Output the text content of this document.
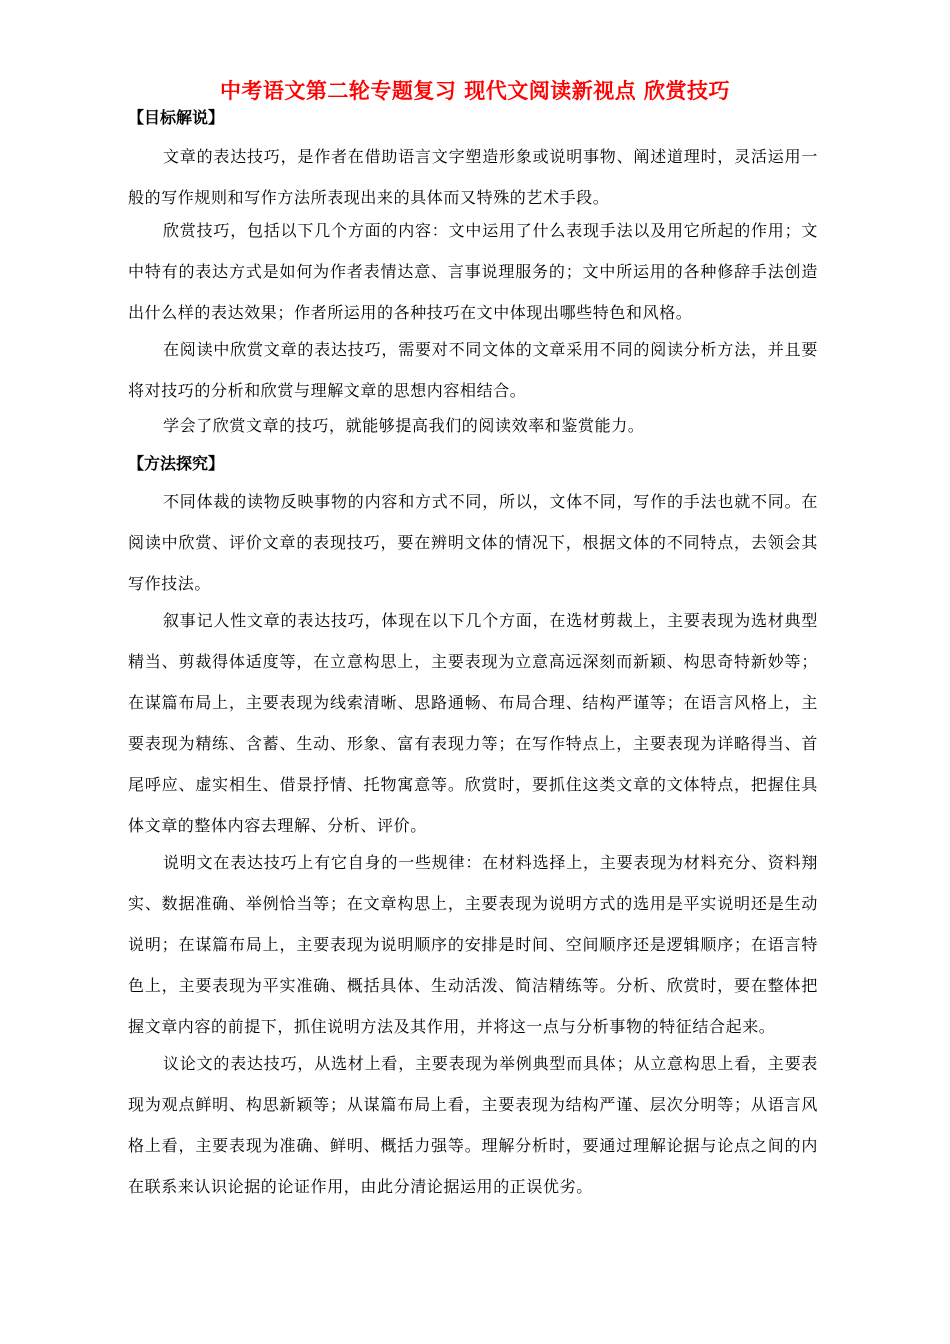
中考语文第二轮专题复习 现代文阅读新视点 欣赏技巧
【目标解说】

文章的表达技巧，是作者在借助语言文字塑造形象或说明事物、阐述道理时，灵活运用一般的写作规则和写作方法所表现出来的具体而又特殊的艺术手段。

欣赏技巧，包括以下几个方面的内容：文中运用了什么表现手法以及用它所起的作用；文中特有的表达方式是如何为作者表情达意、言事说理服务的；文中所运用的各种修辞手法创造出什么样的表达效果；作者所运用的各种技巧在文中体现出哪些特色和风格。

在阅读中欣赏文章的表达技巧，需要对不同文体的文章采用不同的阅读分析方法，并且要将对技巧的分析和欣赏与理解文章的思想内容相结合。

学会了欣赏文章的技巧，就能够提高我们的阅读效率和鉴赏能力。

【方法探究】

不同体裁的读物反映事物的内容和方式不同，所以，文体不同，写作的手法也就不同。在阅读中欣赏、评价文章的表现技巧，要在辨明文体的情况下，根据文体的不同特点，去领会其写作技法。

叙事记人性文章的表达技巧，体现在以下几个方面，在选材剪裁上，主要表现为选材典型精当、剪裁得体适度等，在立意构思上，主要表现为立意高远深刻而新颖、构思奇特新妙等；在谋篇布局上，主要表现为线索清晰、思路通畅、布局合理、结构严谨等；在语言风格上，主要表现为精练、含蓄、生动、形象、富有表现力等；在写作特点上，主要表现为详略得当、首尾呼应、虚实相生、借景抒情、托物寓意等。欣赏时，要抓住这类文章的文体特点，把握住具体文章的整体内容去理解、分析、评价。

说明文在表达技巧上有它自身的一些规律：在材料选择上，主要表现为材料充分、资料翔实、数据准确、举例恰当等；在文章构思上，主要表现为说明方式的选用是平实说明还是生动说明；在谋篇布局上，主要表现为说明顺序的安排是时间、空间顺序还是逻辑顺序；在语言特色上，主要表现为平实准确、概括具体、生动活泼、简洁精练等。分析、欣赏时，要在整体把握文章内容的前提下，抓住说明方法及其作用，并将这一点与分析事物的特征结合起来。

议论文的表达技巧，从选材上看，主要表现为举例典型而具体；从立意构思上看，主要表现为观点鲜明、构思新颖等；从谋篇布局上看，主要表现为结构严谨、层次分明等；从语言风格上看，主要表现为准确、鲜明、概括力强等。理解分析时，要通过理解论据与论点之间的内在联系来认识论据的论证作用，由此分清论据运用的正误优劣。
